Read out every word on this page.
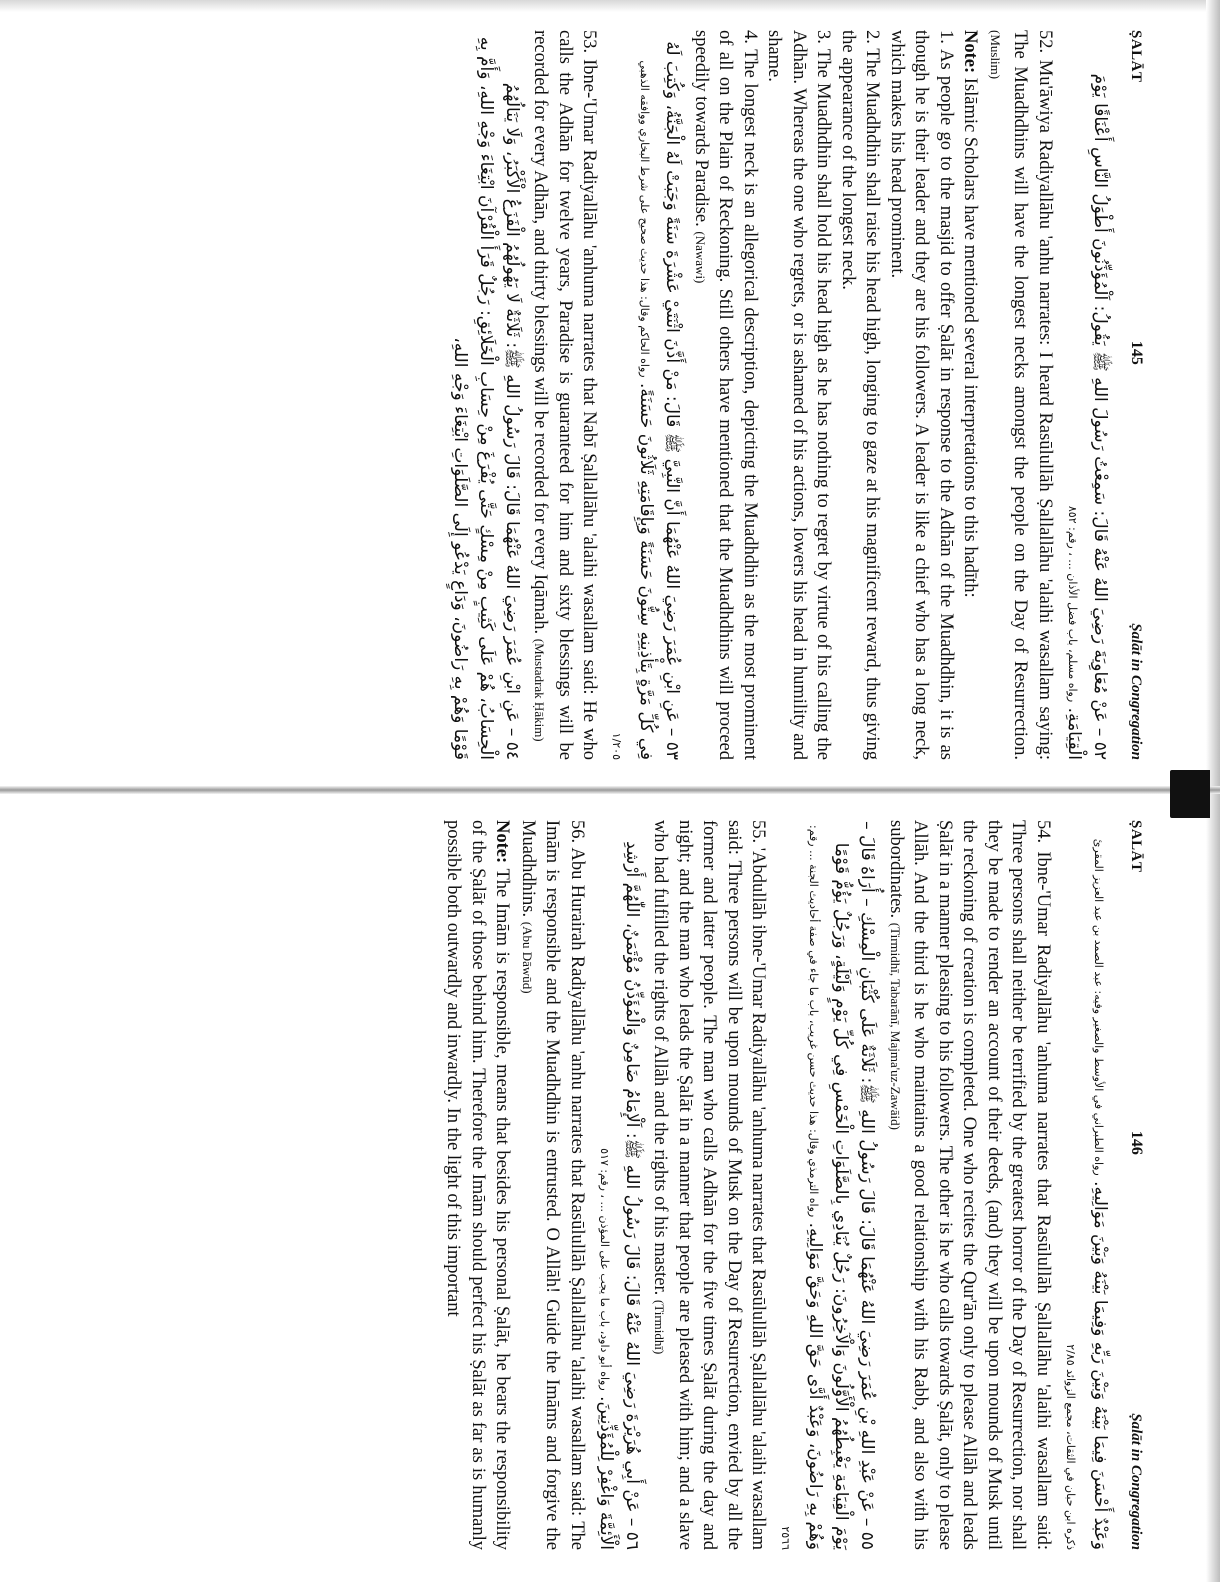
ṢALĀT
145
Ṣalāt in Congregation
٥٢ – عَنْ مُعَاوِيَةَ رَضِيَ اللهُ عَنْهُ قَالَ: سَمِعْتُ رَسُولَ اللهِ ﷺ يَقُولُ: اَلْمُؤَذِّنُونَ أَطْوَلُ النَّاسِ أَعْنَاقًا يَوْمَ الْقِيَامَةِ. رواه مسلم، باب فضل الأذان ... ، رقم: ٨٥٢

52. Mu'āwiya Radiyallāhu 'anhu narrates: I heard Rasūlullāh Ṣallallāhu 'alaihi wasallam saying: The Muadhdhins will have the longest necks amongst the people on the Day of Resurrection. (Muslim)

Note: Islāmic Scholars have mentioned several interpretations to this hadīth:

1. As people go to the masjid to offer Ṣalāt in response to the Adhān of the Muadhdhin, it is as though he is their leader and they are his followers. A leader is like a chief who has a long neck, which makes his head prominent.

2. The Muadhdhin shall raise his head high, longing to gaze at his magnificent reward, thus giving the appearance of the longest neck.

3. The Muadhdhin shall hold his head high as he has nothing to regret by virtue of his calling the Adhān. Whereas the one who regrets, or is ashamed of his actions, lowers his head in humility and shame.

4. The longest neck is an allegorical description, depicting the Muadhdhin as the most prominent of all on the Plain of Reckoning. Still others have mentioned that the Muadhdhins will proceed speedily towards Paradise. (Nawawi)

٥٣ – عَنِ ابْنِ عُمَرَ رَضِيَ اللهُ عَنْهُمَا أَنَّ النَّبِيَّ ﷺ قَالَ: مَنْ أَذَّنَ اثْنَتَيْ عَشْرَةَ سَنَةً وَجَبَتْ لَهُ الْجَنَّةُ، وَكُتِبَ لَهُ فِي كُلِّ مَرَّةٍ بِتَأْذِينِهِ سِتُّونَ حَسَنَةً وَبِإِقَامَتِهِ ثَلَاثُونَ حَسَنَةً. رواه الحاكم وقال: هذا حديث صحيح على شرط البخاري ووافقه الذهبي ١/٢٠٥

53. Ibne-'Umar Radiyallāhu 'anhuma narrates that Nabī Ṣallallāhu 'alaihi wasallam said: He who calls the Adhān for twelve years, Paradise is guaranteed for him and sixty blessings will be recorded for every Adhān, and thirty blessings will be recorded for every Iqāmah. (Mustadrak Ḥākim)

٥٤ – عَنِ ابْنِ عُمَرَ رَضِيَ اللهُ عَنْهُمَا قَالَ: قَالَ رَسُولُ اللهِ ﷺ: ثَلَاثَةٌ لَا يَهُولُهُمُ الْفَزَعُ الْأَكْبَرُ، وَلَا يَنَالُهُمُ الْحِسَابُ، هُمْ عَلَى كَثِيبٍ مِنْ مِسْكٍ حَتَّى يُفْرَغَ مِنْ حِسَابِ الْخَلَائِقِ: رَجُلٌ قَرَأَ الْقُرْآنَ ابْتِغَاءَ وَجْهِ اللهِ، وَأَمَّ بِهِ قَوْمًا وَهُمْ بِهِ رَاضُونَ، وَدَاعٍ يَدْعُو إِلَى الصَّلَوَاتِ ابْتِغَاءَ وَجْهِ اللهِ،
ṢALĀT
146
Ṣalāt in Congregation
وَعَبْدٌ أَحْسَنَ فِيمَا بَيْنَهُ وَبَيْنَ رَبِّهِ وَفِيمَا بَيْنَهُ وَبَيْنَ مَوَالِيهِ. رواه الطبراني في الأوسط والصغير وفيه: عبد الصمد بن عبد العزيز المقرئ ذكره ابن حبان في الثقات، مجمع الزوائد ٢/٨٥

54. Ibne-'Umar Radiyallāhu 'anhuma narrates that Rasūlullāh Ṣallallāhu 'alaihi wasallam said: Three persons shall neither be terrified by the greatest horror of the Day of Resurrection, nor shall they be made to render an account of their deeds, (and) they will be upon mounds of Musk until the reckoning of creation is completed. One who recites the Qur'ān only to please Allāh and leads Ṣalāt in a manner pleasing to his followers. The other is he who calls towards Ṣalāt, only to please Allāh. And the third is he who maintains a good relationship with his Rabb, and also with his subordinates. (Tirmidhī, Tabarānī, Majma'uz-Zawāid)

٥٥ – عَنْ عَبْدِ اللهِ بْنِ عُمَرَ رَضِيَ اللهُ عَنْهُمَا قَالَ: قَالَ رَسُولُ اللهِ ﷺ: ثَلَاثَةٌ عَلَى كُثْبَانِ الْمِسْكِ – أُرَاهُ قَالَ – يَوْمَ الْقِيَامَةِ يَغْبِطُهُمُ الْأَوَّلُونَ وَالْآخِرُونَ: رَجُلٌ يُنَادِي بِالصَّلَوَاتِ الْخَمْسِ فِي كُلِّ يَوْمٍ وَلَيْلَةٍ، وَرَجُلٌ يَؤُمُّ قَوْمًا وَهُمْ بِهِ رَاضُونَ، وَعَبْدٌ أَدَّى حَقَّ اللهِ وَحَقَّ مَوَالِيهِ. رواه الترمذي وقال: هذا حديث حسن غريب، باب ما جاء في صفة أحاديث الجنة ... رقم: ٢٥٦٦

55. 'Abdullāh ibne-'Umar Radiyallāhu 'anhuma narrates that Rasūlullāh Ṣallallāhu 'alaihi wasallam said: Three persons will be upon mounds of Musk on the Day of Resurrection, envied by all the former and latter people. The man who calls Adhān for the five times Ṣalāt during the day and night; and the man who leads the Ṣalāt in a manner that people are pleased with him; and a slave who had fulfilled the rights of Allāh and the rights of his master. (Tirmidhī)

٥٦ – عَنْ أَبِي هُرَيْرَةَ رَضِيَ اللهُ عَنْهُ قَالَ: قَالَ رَسُولُ اللهِ ﷺ: اَلْإِمَامُ ضَامِنٌ وَالْمُؤَذِّنُ مُؤْتَمَنٌ، اللّٰهُمَّ أَرْشِدِ الْأَئِمَّةَ وَاغْفِرْ لِلْمُؤَذِّنِينَ. رواه أبو داود، باب ما يجب على المؤذن ... ، رقم: ٥١٧

56. Abu Hurairah Radiyallāhu 'anhu narrates that Rasūlullāh Ṣallallāhu 'alaihi wasallam said: The Imām is responsible and the Muadhdhin is entrusted. O Allāh! Guide the Imāms and forgive the Muadhdhins. (Abu Dāwūd)

Note: The Imām is responsible, means that besides his personal Ṣalāt, he bears the responsibility of the Ṣalāt of those behind him. Therefore the Imām should perfect his Ṣalāt as far as is humanly possible both outwardly and inwardly. In the light of this important
